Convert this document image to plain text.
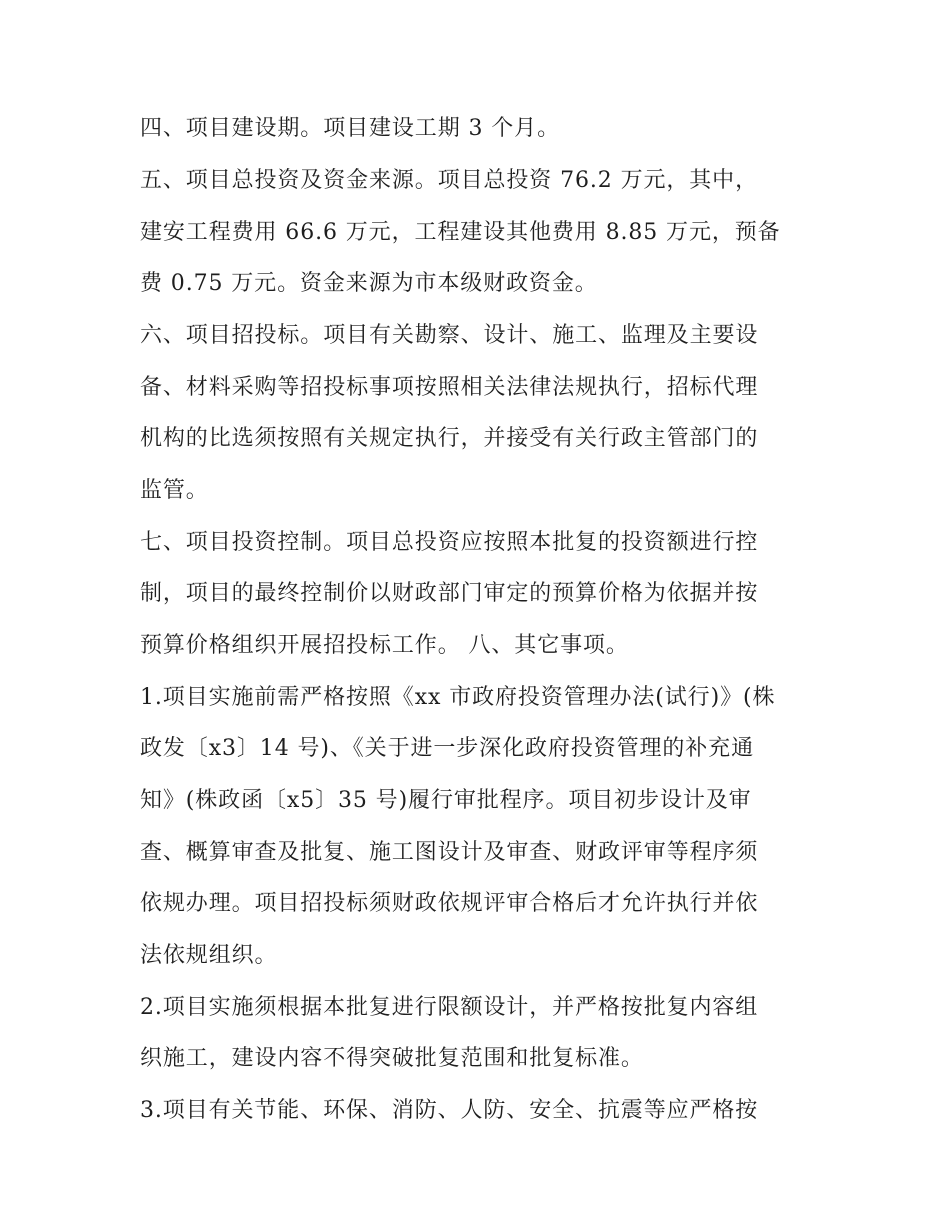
四、项目建设期。项目建设工期 3 个月。

五、项目总投资及资金来源。项目总投资 76.2 万元，其中，

建安工程费用 66.6 万元，工程建设其他费用 8.85 万元，预备

费 0.75 万元。资金来源为市本级财政资金。

六、项目招投标。项目有关勘察、设计、施工、监理及主要设

备、材料采购等招投标事项按照相关法律法规执行，招标代理

机构的比选须按照有关规定执行，并接受有关行政主管部门的

监管。

七、项目投资控制。项目总投资应按照本批复的投资额进行控

制，项目的最终控制价以财政部门审定的预算价格为依据并按

预算价格组织开展招投标工作。 八、其它事项。

1.项目实施前需严格按照《xx 市政府投资管理办法(试行)》(株

政发〔x3〕14 号)、《关于进一步深化政府投资管理的补充通

知》(株政函〔x5〕35 号)履行审批程序。项目初步设计及审

查、概算审查及批复、施工图设计及审查、财政评审等程序须

依规办理。项目招投标须财政依规评审合格后才允许执行并依

法依规组织。

2.项目实施须根据本批复进行限额设计，并严格按批复内容组

织施工，建设内容不得突破批复范围和批复标准。

3.项目有关节能、环保、消防、人防、安全、抗震等应严格按
